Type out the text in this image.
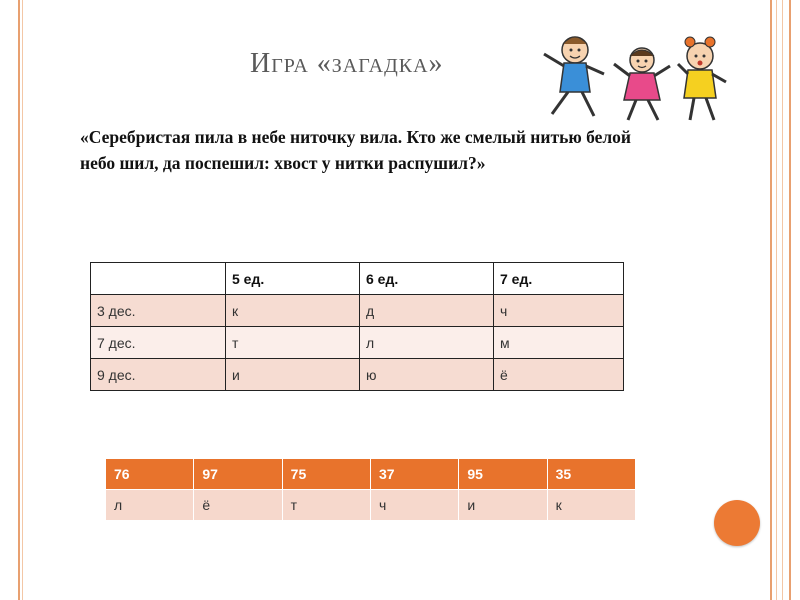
Игра «загадка»
«Серебристая пила в небе ниточку вила. Кто же смелый нитью белой небо шил, да поспешил: хвост у нитки распушил?»
	5 ед.	6 ед.	7 ед.
3 дес.	к	д	ч
7 дес.	т	л	м
9 дес.	и	ю	ё
76	97	75	37	95	35
л	ё	т	ч	и	к
